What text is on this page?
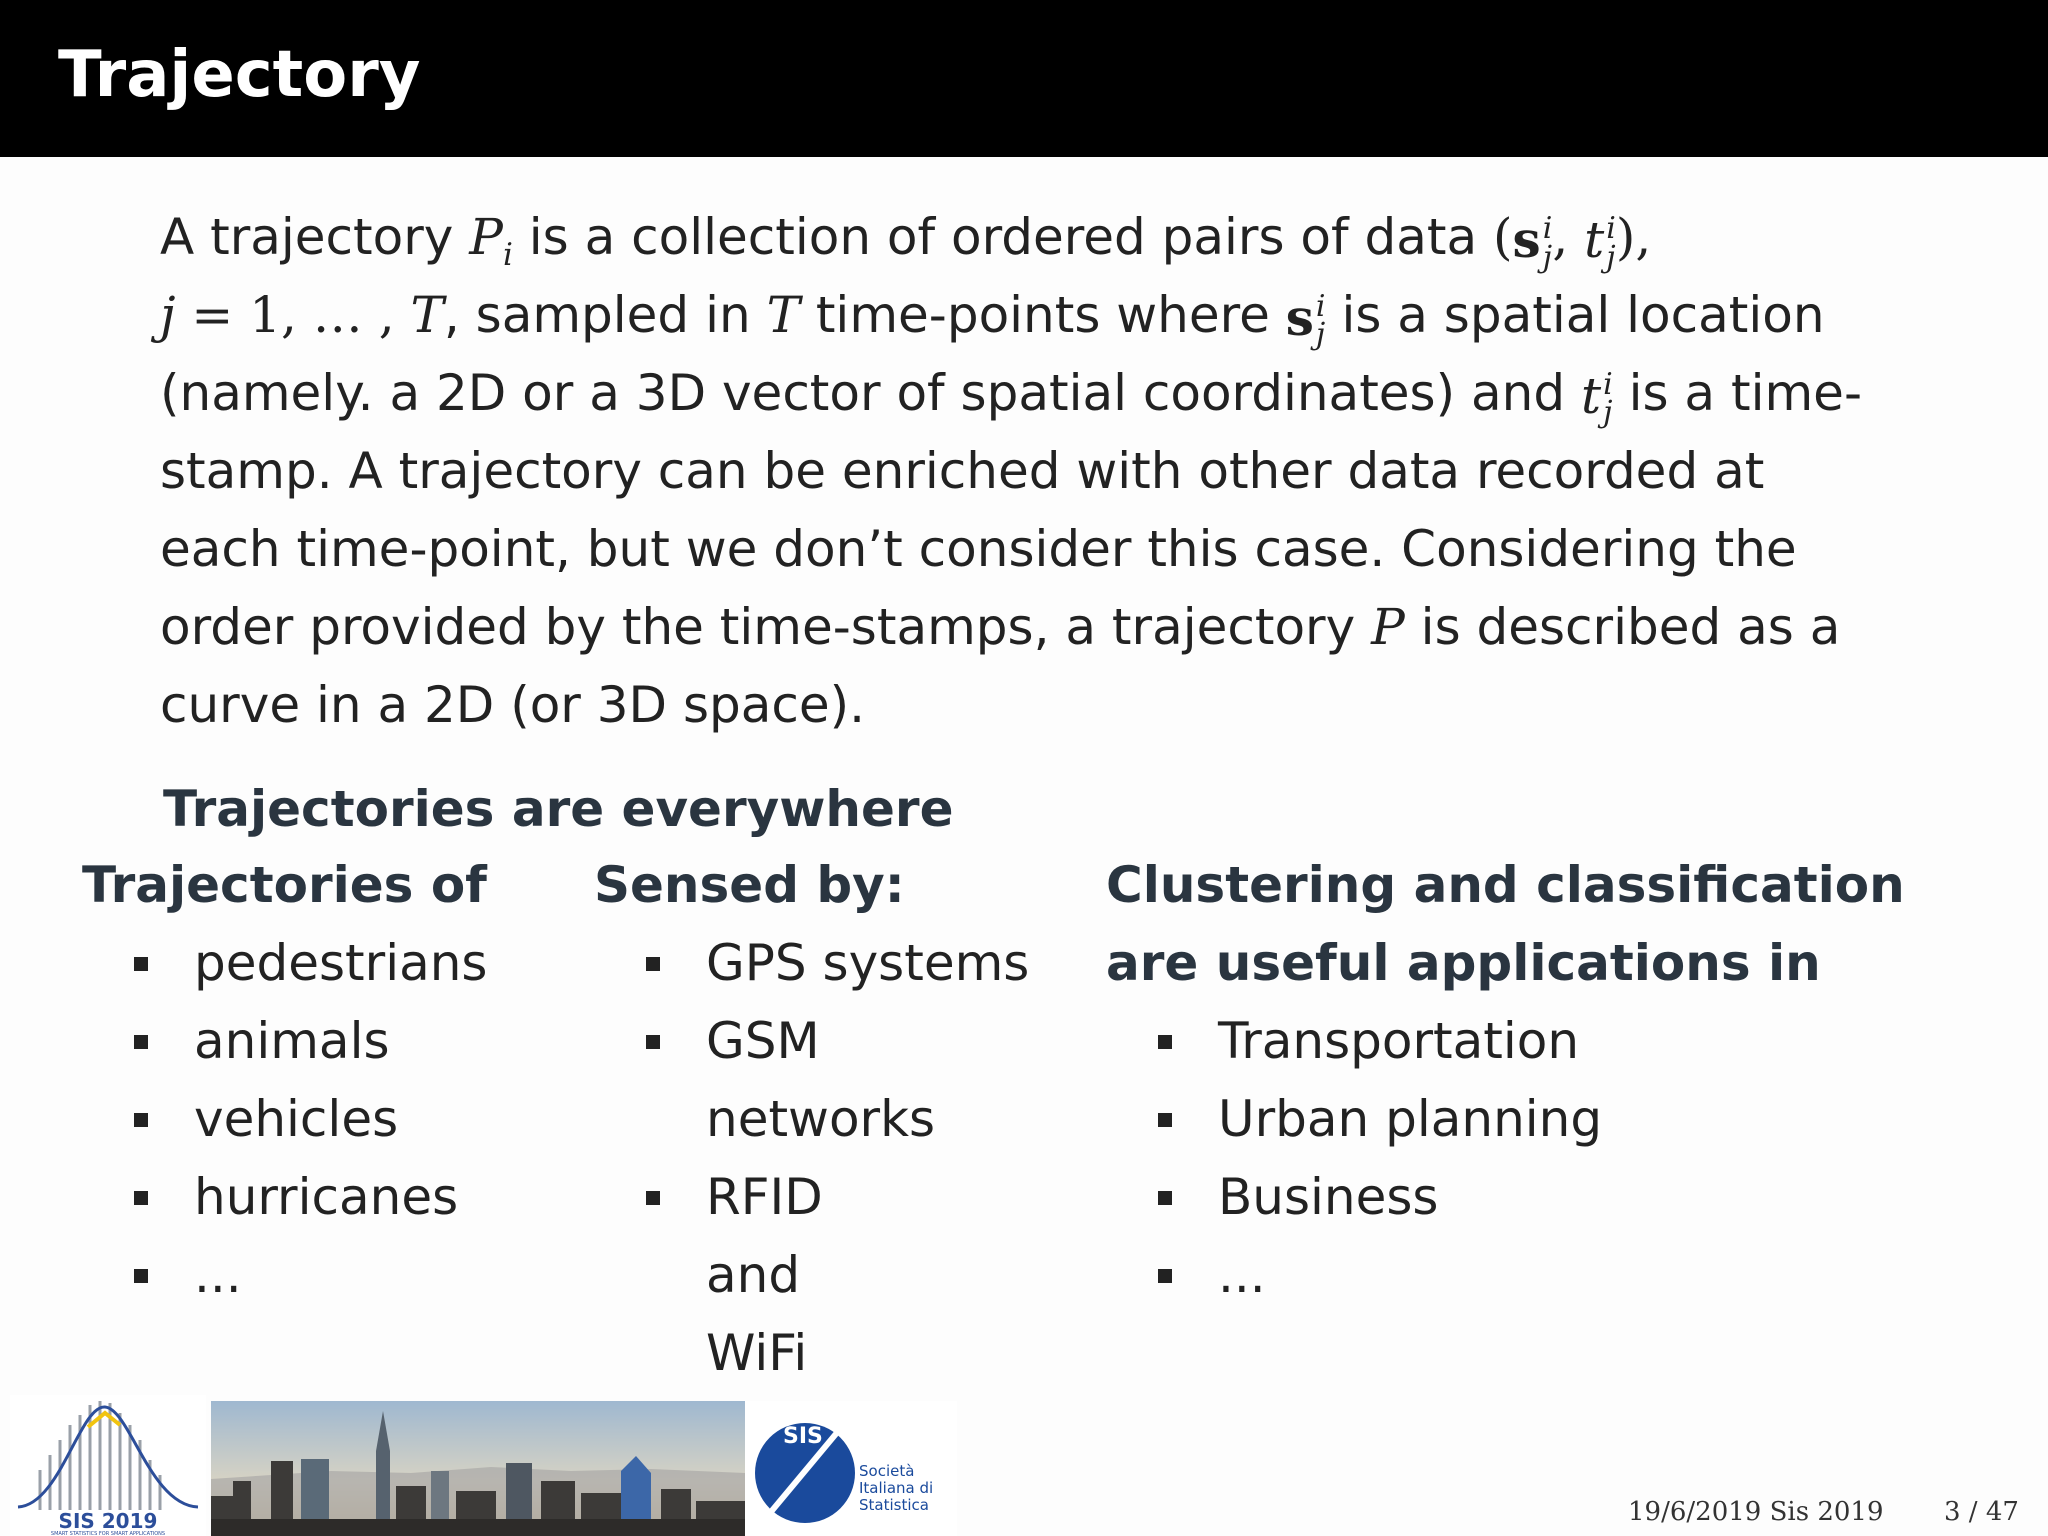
Trajectory
A trajectory $P_i$ is a collection of ordered pairs of data (s i
j , t i
j ),
j = 1, … , T, sampled in T time-points where s i
j is a spatial location
(namely. a 2D or a 3D vector of spatial coordinates) and t i
j is a time-stamp. A trajectory can be enriched with other data recorded at each time-point, but we don’t consider this case. Considering the order provided by the time-stamps, a trajectory P is described as a curve in a 2D (or 3D space).
Trajectories are everywhere
Trajectories of
pedestrians
animals
vehicles
hurricanes
...
Sensed by:
GPS systems
GSM networks
RFID and WiFi
Clustering and classification are useful applications in
Transportation
Urban planning
Business
...
SIS 2019
SMART STATISTICS FOR SMART APPLICATIONS
SIS
Società
Italiana di
Statistica	19/6/2019 Sis 2019 3 / 47
